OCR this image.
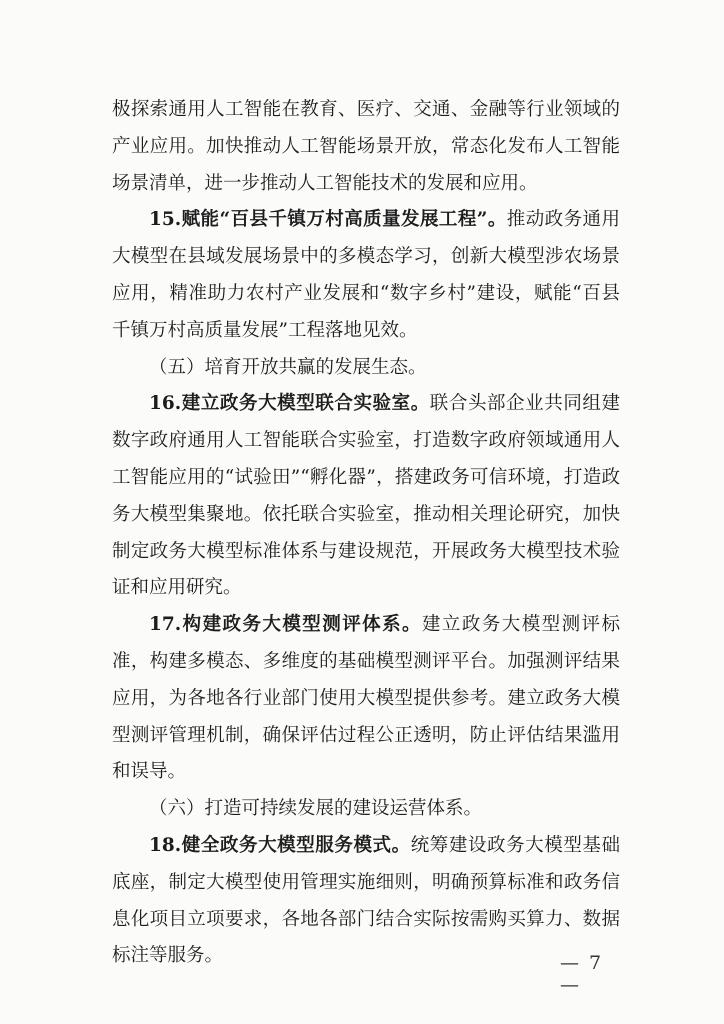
极探索通用人工智能在教育、医疗、交通、金融等行业领域的产业应用。加快推动人工智能场景开放，常态化发布人工智能场景清单，进一步推动人工智能技术的发展和应用。

15.赋能“百县千镇万村高质量发展工程”。推动政务通用大模型在县域发展场景中的多模态学习，创新大模型涉农场景应用，精准助力农村产业发展和“数字乡村”建设，赋能“百县千镇万村高质量发展”工程落地见效。

（五）培育开放共赢的发展生态。

16.建立政务大模型联合实验室。联合头部企业共同组建数字政府通用人工智能联合实验室，打造数字政府领域通用人工智能应用的“试验田”“孵化器”，搭建政务可信环境，打造政务大模型集聚地。依托联合实验室，推动相关理论研究，加快制定政务大模型标准体系与建设规范，开展政务大模型技术验证和应用研究。

17.构建政务大模型测评体系。建立政务大模型测评标准，构建多模态、多维度的基础模型测评平台。加强测评结果应用，为各地各行业部门使用大模型提供参考。建立政务大模型测评管理机制，确保评估过程公正透明，防止评估结果滥用和误导。

（六）打造可持续发展的建设运营体系。

18.健全政务大模型服务模式。统筹建设政务大模型基础底座，制定大模型使用管理实施细则，明确预算标准和政务信息化项目立项要求，各地各部门结合实际按需购买算力、数据标注等服务。	— 7 —
